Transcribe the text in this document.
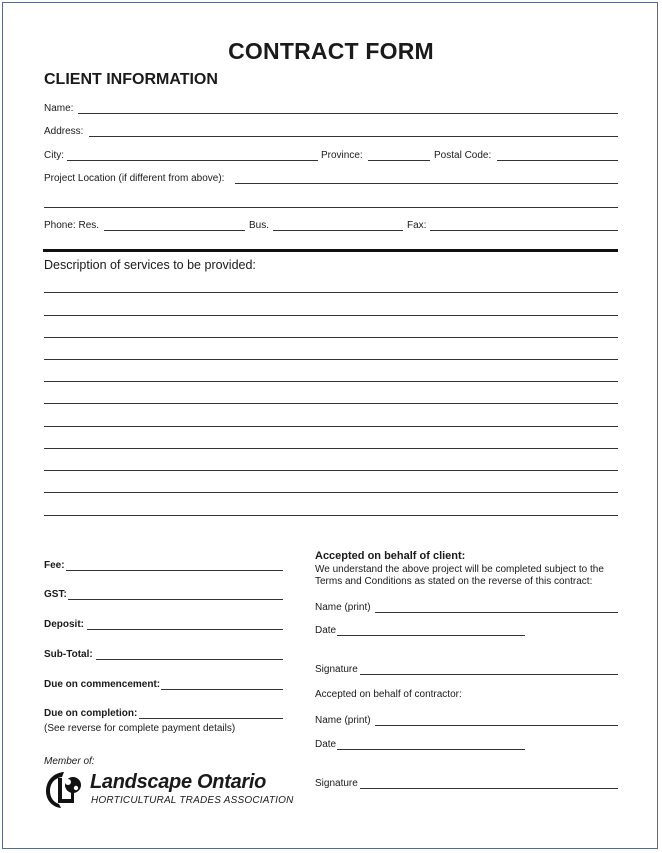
CONTRACT FORM
CLIENT INFORMATION
Name:
Address:
City:	Province:	Postal Code:
Project Location (if different from above):
Phone: Res.	Bus.	Fax:
Description of services to be provided:
Fee:
GST:
Deposit:
Sub-Total:
Due on commencement:
Due on completion:
(See reverse for complete payment details)
Accepted on behalf of client:
We understand the above project will be completed subject to the
Terms and Conditions as stated on the reverse of this contract:
Name (print)
Date
Signature
Accepted on behalf of contractor:
Name (print)
Date
Signature
Member of:
Landscape Ontario
HORTICULTURAL TRADES ASSOCIATION
